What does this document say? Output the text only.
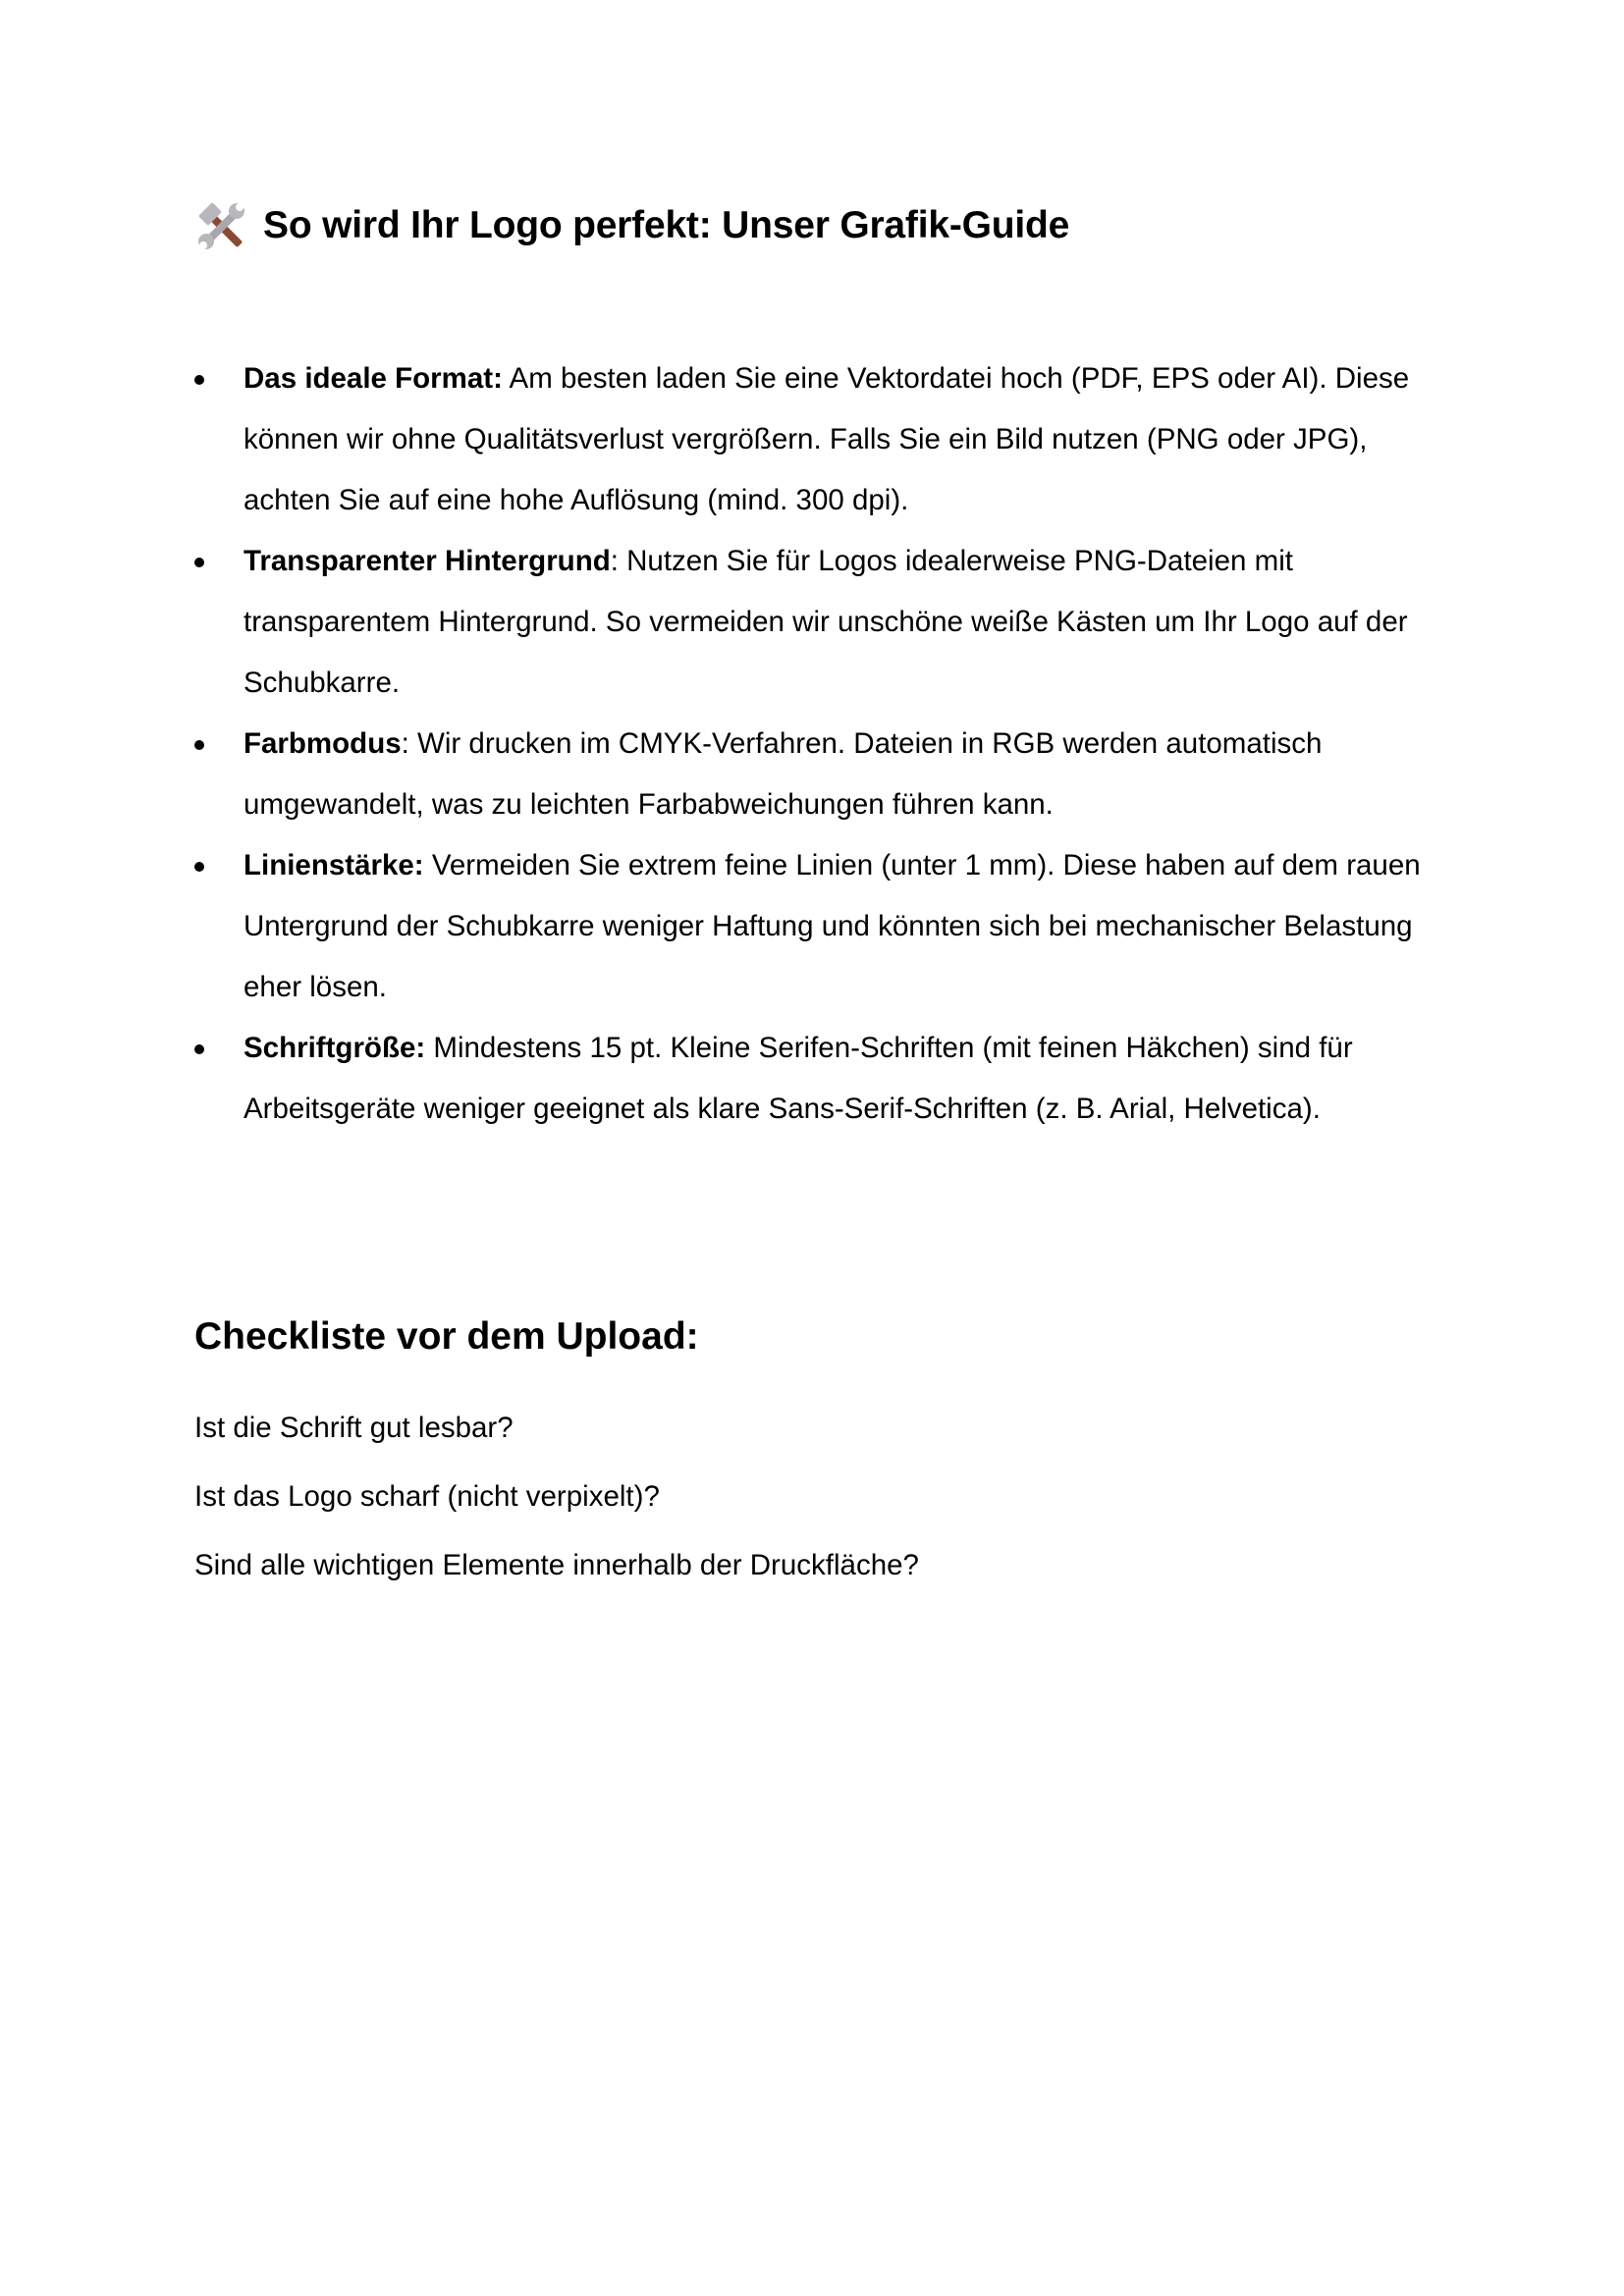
So wird Ihr Logo perfekt: Unser Grafik-Guide
Das ideale Format: Am besten laden Sie eine Vektordatei hoch (PDF, EPS oder AI). Diese können wir ohne Qualitätsverlust vergrößern. Falls Sie ein Bild nutzen (PNG oder JPG), achten Sie auf eine hohe Auflösung (mind. 300 dpi).
Transparenter Hintergrund: Nutzen Sie für Logos idealerweise PNG-Dateien mit transparentem Hintergrund. So vermeiden wir unschöne weiße Kästen um Ihr Logo auf der Schubkarre.
Farbmodus: Wir drucken im CMYK-Verfahren. Dateien in RGB werden automatisch umgewandelt, was zu leichten Farbabweichungen führen kann.
Linienstärke: Vermeiden Sie extrem feine Linien (unter 1 mm). Diese haben auf dem rauen Untergrund der Schubkarre weniger Haftung und könnten sich bei mechanischer Belastung eher lösen.
Schriftgröße: Mindestens 15 pt. Kleine Serifen-Schriften (mit feinen Häkchen) sind für Arbeitsgeräte weniger geeignet als klare Sans-Serif-Schriften (z. B. Arial, Helvetica).
Checkliste vor dem Upload:
Ist die Schrift gut lesbar?
Ist das Logo scharf (nicht verpixelt)?
Sind alle wichtigen Elemente innerhalb der Druckfläche?
